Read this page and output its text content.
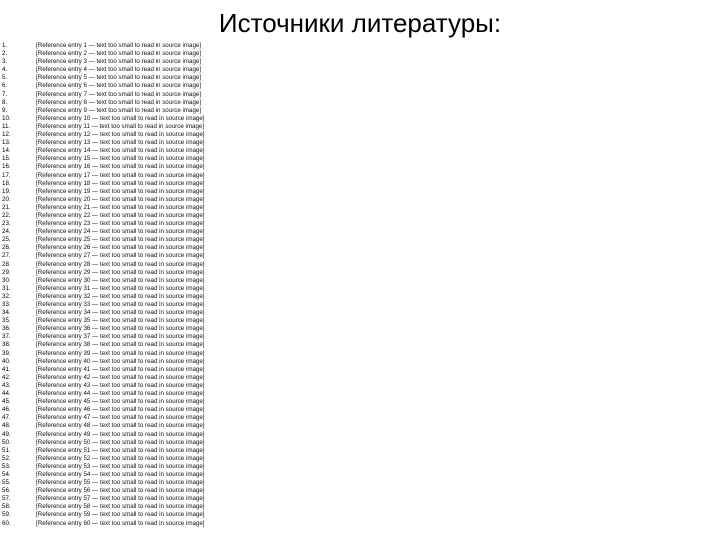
Источники литературы:
1.	[Reference entry 1 — text too small to read in source image]
2.	[Reference entry 2 — text too small to read in source image]
3.	[Reference entry 3 — text too small to read in source image]
4.	[Reference entry 4 — text too small to read in source image]
5.	[Reference entry 5 — text too small to read in source image]
6.	[Reference entry 6 — text too small to read in source image]
7.	[Reference entry 7 — text too small to read in source image]
8.	[Reference entry 8 — text too small to read in source image]
9.	[Reference entry 9 — text too small to read in source image]
10.	[Reference entry 10 — text too small to read in source image]
11.	[Reference entry 11 — text too small to read in source image]
12.	[Reference entry 12 — text too small to read in source image]
13.	[Reference entry 13 — text too small to read in source image]
14.	[Reference entry 14 — text too small to read in source image]
15.	[Reference entry 15 — text too small to read in source image]
16.	[Reference entry 16 — text too small to read in source image]
17.	[Reference entry 17 — text too small to read in source image]
18.	[Reference entry 18 — text too small to read in source image]
19.	[Reference entry 19 — text too small to read in source image]
20.	[Reference entry 20 — text too small to read in source image]
21.	[Reference entry 21 — text too small to read in source image]
22.	[Reference entry 22 — text too small to read in source image]
23.	[Reference entry 23 — text too small to read in source image]
24.	[Reference entry 24 — text too small to read in source image]
25.	[Reference entry 25 — text too small to read in source image]
26.	[Reference entry 26 — text too small to read in source image]
27.	[Reference entry 27 — text too small to read in source image]
28.	[Reference entry 28 — text too small to read in source image]
29.	[Reference entry 29 — text too small to read in source image]
30.	[Reference entry 30 — text too small to read in source image]
31.	[Reference entry 31 — text too small to read in source image]
32.	[Reference entry 32 — text too small to read in source image]
33.	[Reference entry 33 — text too small to read in source image]
34.	[Reference entry 34 — text too small to read in source image]
35.	[Reference entry 35 — text too small to read in source image]
36.	[Reference entry 36 — text too small to read in source image]
37.	[Reference entry 37 — text too small to read in source image]
38.	[Reference entry 38 — text too small to read in source image]
39.	[Reference entry 39 — text too small to read in source image]
40.	[Reference entry 40 — text too small to read in source image]
41.	[Reference entry 41 — text too small to read in source image]
42.	[Reference entry 42 — text too small to read in source image]
43.	[Reference entry 43 — text too small to read in source image]
44.	[Reference entry 44 — text too small to read in source image]
45.	[Reference entry 45 — text too small to read in source image]
46.	[Reference entry 46 — text too small to read in source image]
47.	[Reference entry 47 — text too small to read in source image]
48.	[Reference entry 48 — text too small to read in source image]
49.	[Reference entry 49 — text too small to read in source image]
50.	[Reference entry 50 — text too small to read in source image]
51.	[Reference entry 51 — text too small to read in source image]
52.	[Reference entry 52 — text too small to read in source image]
53.	[Reference entry 53 — text too small to read in source image]
54.	[Reference entry 54 — text too small to read in source image]
55.	[Reference entry 55 — text too small to read in source image]
56.	[Reference entry 56 — text too small to read in source image]
57.	[Reference entry 57 — text too small to read in source image]
58.	[Reference entry 58 — text too small to read in source image]
59.	[Reference entry 59 — text too small to read in source image]
60.	[Reference entry 60 — text too small to read in source image]
